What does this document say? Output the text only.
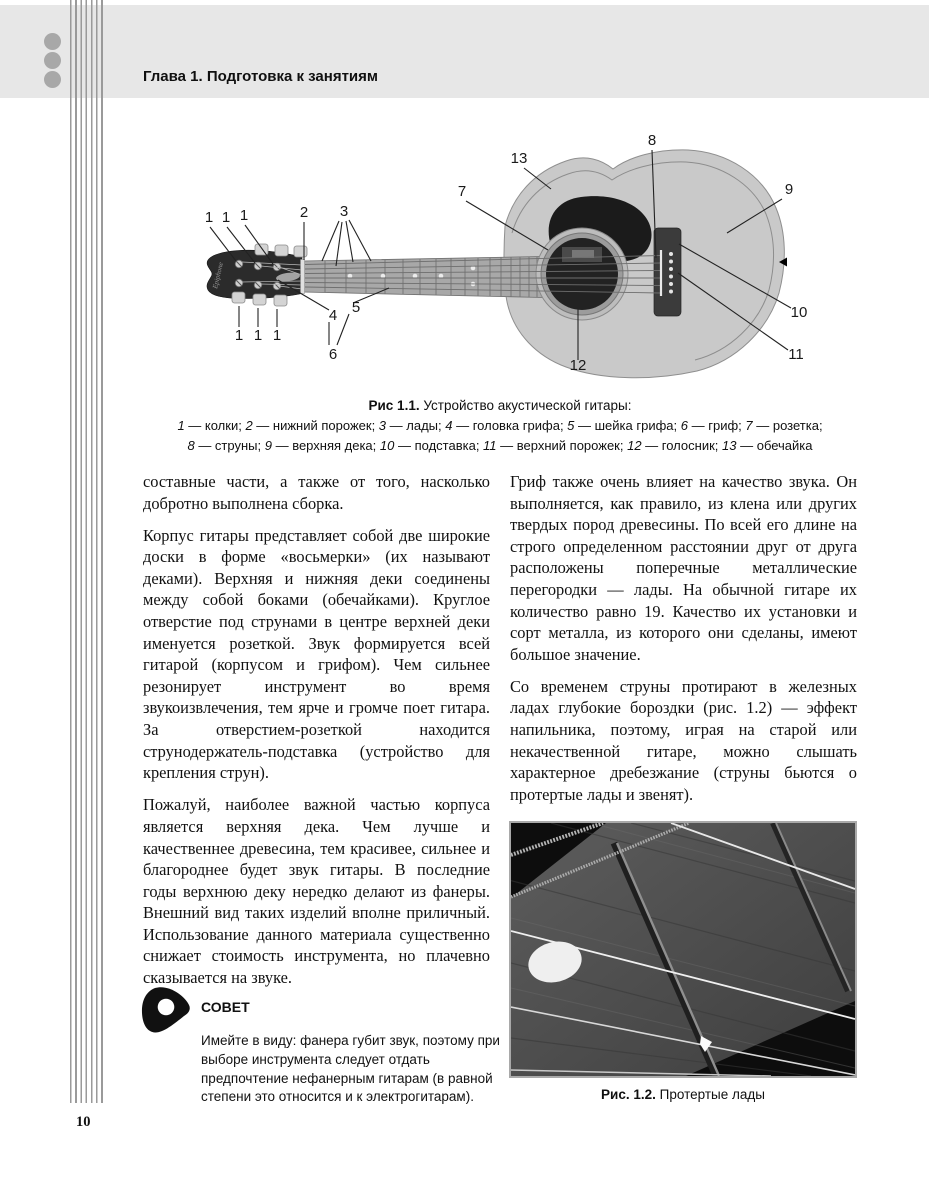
Глава 1. Подготовка к занятиям
Epiphone
1 1 1
1 1 1
2 3
4 5
6
7
8
9
10
11
12
13
Рис 1.1. Устройство акустической гитары:
1 — колки; 2 — нижний порожек; 3 — лады; 4 — головка грифа; 5 — шейка грифа; 6 — гриф; 7 — розетка;
8 — струны; 9 — верхняя дека; 10 — подставка; 11 — верхний порожек; 12 — голосник; 13 — обечайка

составные части, а также от того, насколько добротно выполнена сборка.

Корпус гитары представляет собой две широкие доски в форме «восьмерки» (их называют деками). Верхняя и нижняя деки соединены между собой боками (обечайками). Круглое отверстие под струнами в центре верхней деки именуется розеткой. Звук формируется всей гитарой (корпусом и грифом). Чем сильнее резонирует инструмент во время звукоизвлечения, тем ярче и громче поет гитара. За отверстием-розеткой находится струнодержатель-подставка (устройство для крепления струн).

Пожалуй, наиболее важной частью корпуса является верхняя дека. Чем лучше и качественнее древесина, тем красивее, сильнее и благороднее будет звук гитары. В последние годы верхнюю деку нередко делают из фанеры. Внешний вид таких изделий вполне приличный. Использование данного материала существенно снижает стоимость инструмента, но плачевно сказывается на звуке.

Гриф также очень влияет на качество звука. Он выполняется, как правило, из клена или других твердых пород древесины. По всей его длине на строго определенном расстоянии друг от друга расположены поперечные металлические перегородки — лады. На обычной гитаре их количество равно 19. Качество их установки и сорт металла, из которого они сделаны, имеют большое значение.

Со временем струны протирают в железных ладах глубокие бороздки (рис. 1.2) — эффект напильника, поэтому, играя на старой или некачественной гитаре, можно слышать характерное дребезжание (струны бьются о протертые лады и звенят).

СОВЕТ
Имейте в виду: фанера губит звук, поэтому при выборе инструмента следует отдать предпочтение нефанерным гитарам (в равной степени это относится и к электрогитарам).	Рис. 1.2. Протертые лады
10
